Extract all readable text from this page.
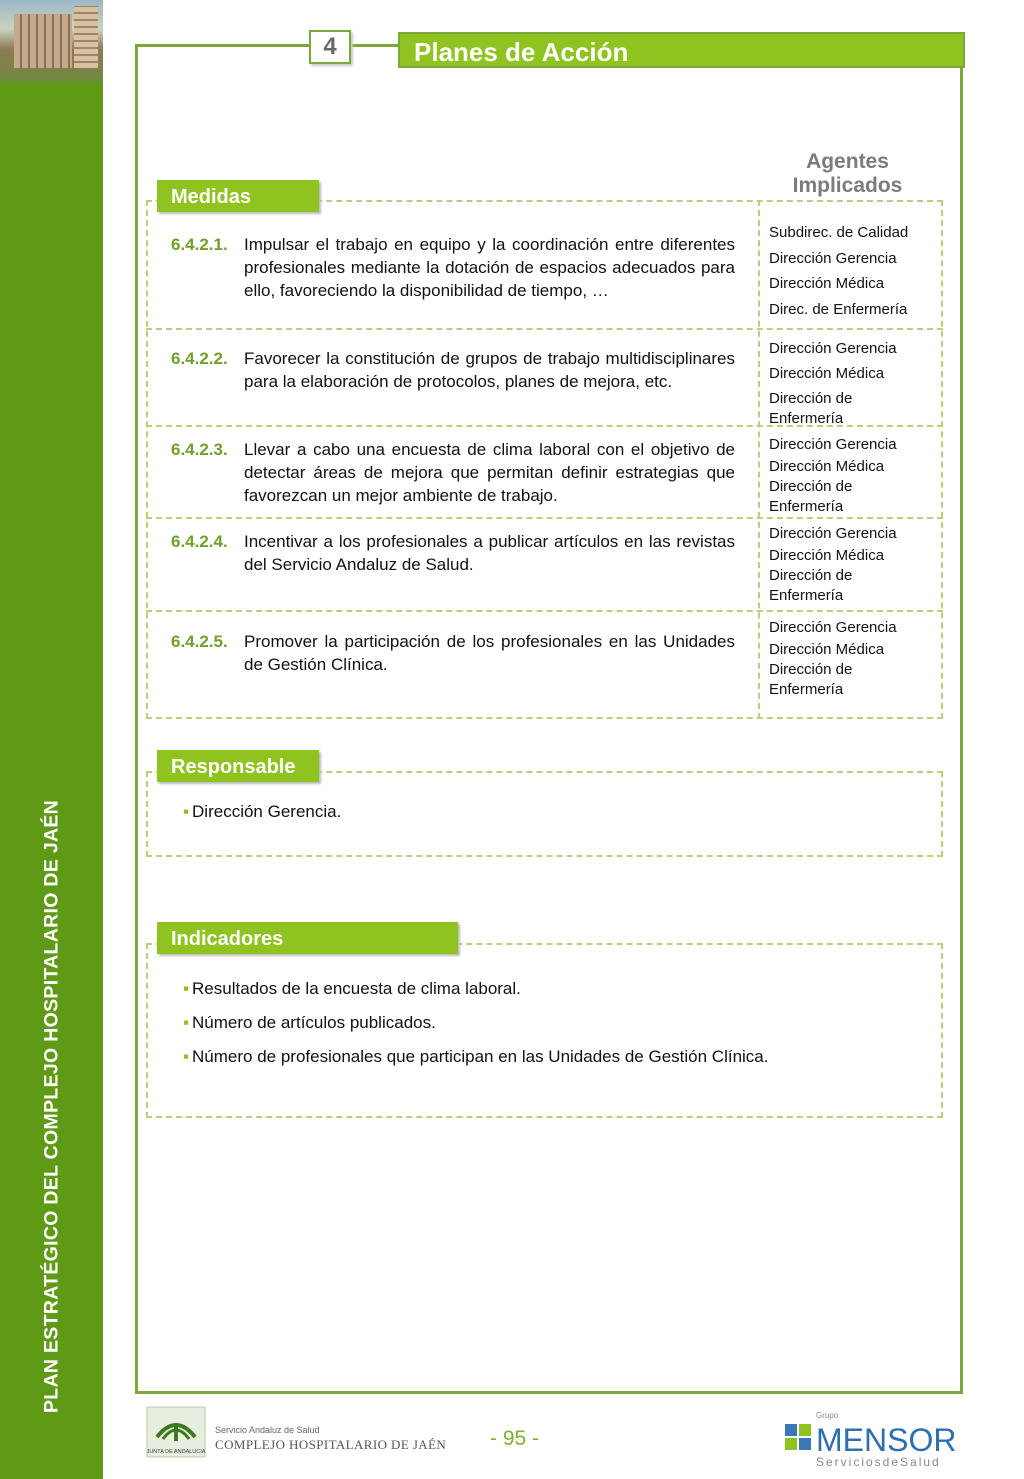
PLAN ESTRATÉGICO DEL COMPLEJO HOSPITALARIO DE JAÉN
4	Planes de Acción
Agentes Implicados
Medidas
6.4.2.1. Impulsar el trabajo en equipo y la coordinación entre diferentes profesionales mediante la dotación de espacios adecuados para ello, favoreciendo la disponibilidad de tiempo, …
6.4.2.2. Favorecer la constitución de grupos de trabajo multidisciplinares para la elaboración de protocolos, planes de mejora, etc.
6.4.2.3. Llevar a cabo una encuesta de clima laboral con el objetivo de detectar áreas de mejora que permitan definir estrategias que favorezcan un mejor ambiente de trabajo.
6.4.2.4. Incentivar a los profesionales a publicar artículos en las revistas del Servicio Andaluz de Salud.
6.4.2.5. Promover la participación de los profesionales en las Unidades de Gestión Clínica.
Subdirec. de Calidad
Dirección Gerencia
Dirección Médica
Direc. de Enfermería
Dirección Gerencia
Dirección Médica
Dirección de Enfermería
Dirección Gerencia
Dirección Médica
Dirección de Enfermería
Dirección Gerencia
Dirección Médica
Dirección de Enfermería
Dirección Gerencia
Dirección Médica
Dirección de Enfermería
Responsable
▪ Dirección Gerencia.
Indicadores
▪ Resultados de la encuesta de clima laboral.
▪ Número de artículos publicados.
▪ Número de profesionales que participan en las Unidades de Gestión Clínica.
JUNTA DE ANDALUCIA
Servicio Andaluz de Salud
COMPLEJO HOSPITALARIO DE JAÉN - 95 -
Grupo
MENSOR
ServiciosdeSalud
